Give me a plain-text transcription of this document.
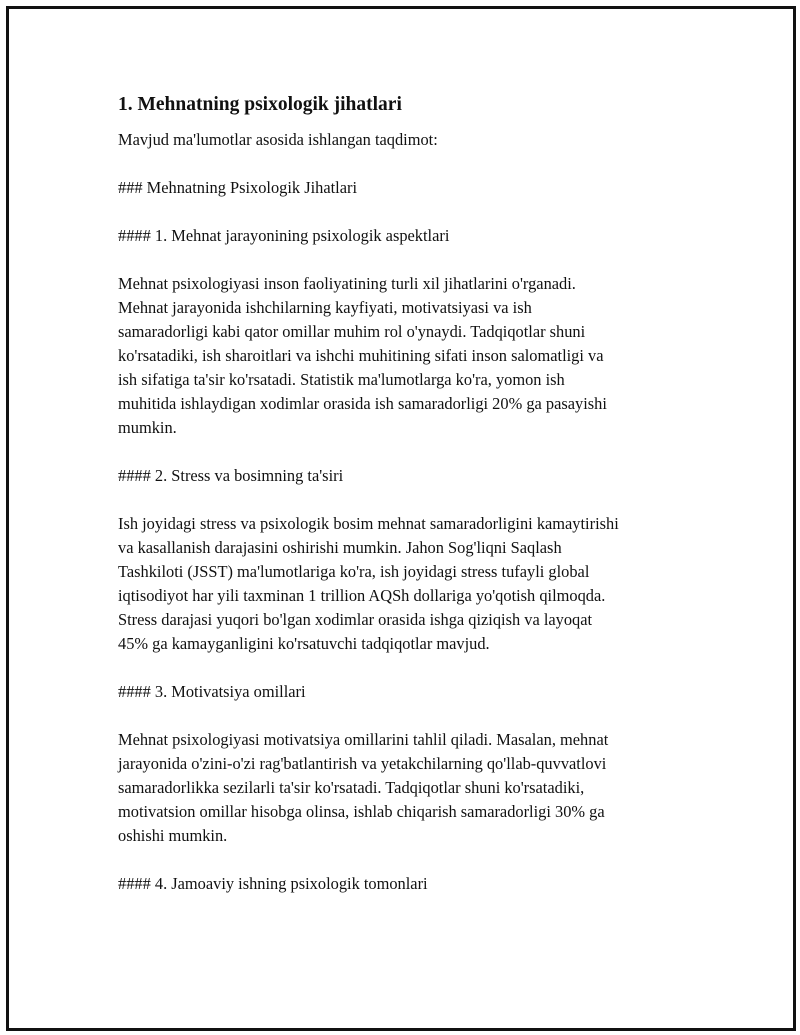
1. Mehnatning psixologik jihatlari

Mavjud ma'lumotlar asosida ishlangan taqdimot:

### Mehnatning Psixologik Jihatlari

#### 1. Mehnat jarayonining psixologik aspektlari

Mehnat psixologiyasi inson faoliyatining turli xil jihatlarini o'rganadi.

Mehnat jarayonida ishchilarning kayfiyati, motivatsiyasi va ish

samaradorligi kabi qator omillar muhim rol o'ynaydi. Tadqiqotlar shuni

ko'rsatadiki, ish sharoitlari va ishchi muhitining sifati inson salomatligi va

ish sifatiga ta'sir ko'rsatadi. Statistik ma'lumotlarga ko'ra, yomon ish

muhitida ishlaydigan xodimlar orasida ish samaradorligi 20% ga pasayishi

mumkin.

#### 2. Stress va bosimning ta'siri

Ish joyidagi stress va psixologik bosim mehnat samaradorligini kamaytirishi

va kasallanish darajasini oshirishi mumkin. Jahon Sog'liqni Saqlash

Tashkiloti (JSST) ma'lumotlariga ko'ra, ish joyidagi stress tufayli global

iqtisodiyot har yili taxminan 1 trillion AQSh dollariga yo'qotish qilmoqda.

Stress darajasi yuqori bo'lgan xodimlar orasida ishga qiziqish va layoqat

45% ga kamayganligini ko'rsatuvchi tadqiqotlar mavjud.

#### 3. Motivatsiya omillari

Mehnat psixologiyasi motivatsiya omillarini tahlil qiladi. Masalan, mehnat

jarayonida o'zini-o'zi rag'batlantirish va yetakchilarning qo'llab-quvvatlovi

samaradorlikka sezilarli ta'sir ko'rsatadi. Tadqiqotlar shuni ko'rsatadiki,

motivatsion omillar hisobga olinsa, ishlab chiqarish samaradorligi 30% ga

oshishi mumkin.

#### 4. Jamoaviy ishning psixologik tomonlari
